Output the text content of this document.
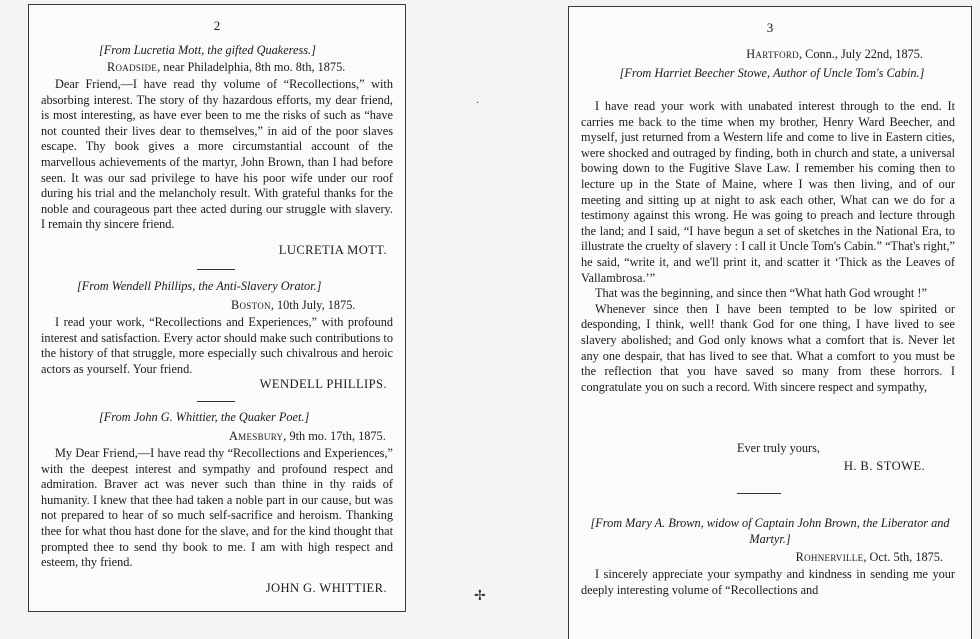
2
[From Lucretia Mott, the gifted Quakeress.]
Roadside, near Philadelphia, 8th mo. 8th, 1875.

Dear Friend,—I have read thy volume of “Recollections,” with absorbing interest. The story of thy hazardous efforts, my dear friend, is most interesting, as have ever been to me the risks of such as “have not counted their lives dear to themselves,” in aid of the poor slaves escape. Thy book gives a more circumstantial account of the marvellous achievements of the martyr, John Brown, than I had before seen. It was our sad privilege to have his poor wife under our roof during his trial and the melancholy result. With grateful thanks for the noble and courageous part thee acted during our struggle with slavery. I remain thy sincere friend.

LUCRETIA MOTT.
[From Wendell Phillips, the Anti-Slavery Orator.]
Boston, 10th July, 1875.

I read your work, “Recollections and Experiences,” with profound interest and satisfaction. Every actor should make such contributions to the history of that struggle, more especially such chivalrous and heroic actors as yourself. Your friend.

WENDELL PHILLIPS.
[From John G. Whittier, the Quaker Poet.]
Amesbury, 9th mo. 17th, 1875.

My Dear Friend,—I have read thy “Recollections and Experiences,” with the deepest interest and sympathy and profound respect and admiration. Braver act was never such than thine in thy raids of humanity. I knew that thee had taken a noble part in our cause, but was not prepared to hear of so much self-sacrifice and heroism. Thanking thee for what thou hast done for the slave, and for the kind thought that prompted thee to send thy book to me. I am with high respect and esteem, thy friend.

JOHN G. WHITTIER.
3
Hartford, Conn., July 22nd, 1875.
[From Harriet Beecher Stowe, Author of Uncle Tom's Cabin.]

I have read your work with unabated interest through to the end. It carries me back to the time when my brother, Henry Ward Beecher, and myself, just returned from a Western life and come to live in Eastern cities, were shocked and outraged by finding, both in church and state, a universal bowing down to the Fugitive Slave Law. I remember his coming then to lecture up in the State of Maine, where I was then living, and of our meeting and sitting up at night to ask each other, What can we do for a testimony against this wrong. He was going to preach and lecture through the land; and I said, “I have begun a set of sketches in the National Era, to illustrate the cruelty of slavery : I call it Uncle Tom's Cabin.” “That's right,” he said, “write it, and we'll print it, and scatter it ‘Thick as the Leaves of Vallambrosa.’”

That was the beginning, and since then “What hath God wrought !”

Whenever since then I have been tempted to be low spirited or desponding, I think, well! thank God for one thing, I have lived to see slavery abolished; and God only knows what a comfort that is. Never let any one despair, that has lived to see that. What a comfort to you must be the reflection that you have saved so many from these horrors. I congratulate you on such a record. With sincere respect and sympathy,

Ever truly yours,
H. B. STOWE.
[From Mary A. Brown, widow of Captain John Brown, the Liberator and Martyr.]
Rohnerville, Oct. 5th, 1875.

I sincerely appreciate your sympathy and kindness in sending me your deeply interesting volume of “Recollections and

·
✢
